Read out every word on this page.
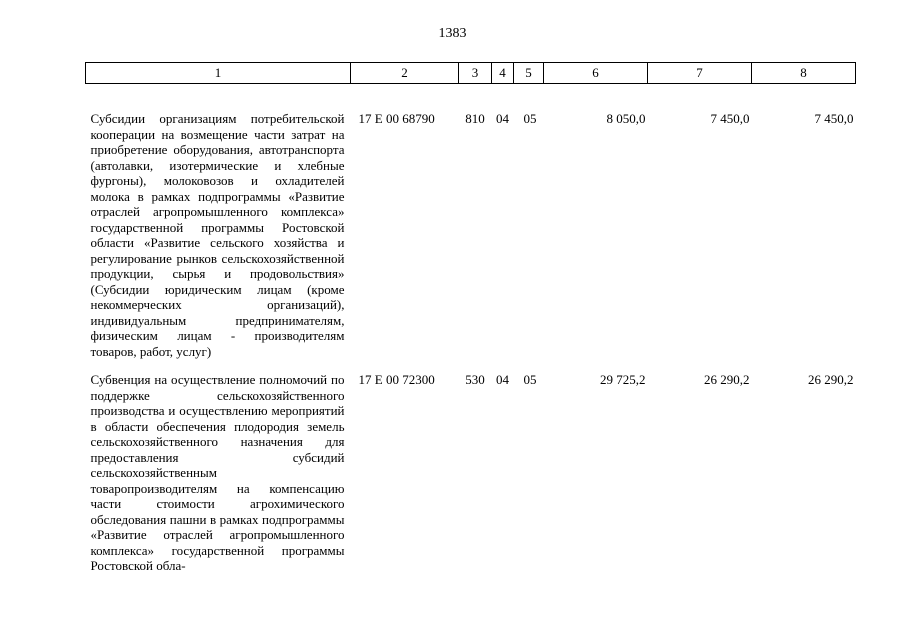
1383
1	2	3	4	5	6	7	8
Субсидии организациям потребительской кооперации на возмещение части затрат на приобретение оборудования, автотранспорта (автолавки, изотермические и хлебные фургоны), молоковозов и охладителей молока в рамках подпрограммы «Развитие отраслей агропромышленного комплекса» государственной программы Ростовской области «Развитие сельского хозяйства и регулирование рынков сельскохозяйственной продукции, сырья и продовольствия» (Субсидии юридическим лицам (кроме некоммерческих организаций), индивидуальным предпринимателям, физическим лицам - производителям товаров, работ, услуг)	17 Е 00 68790	810	04	05	8 050,0	7 450,0	7 450,0
Субвенция на осуществление полномочий по поддержке сельскохозяйственного производства и осуществлению мероприятий в области обеспечения плодородия земель сельскохозяйственного назначения для предоставления субсидий сельскохозяйственным товаропроизводителям на компенсацию части стоимости агрохимического обследования пашни в рамках подпрограммы «Развитие отраслей агропромышленного комплекса» государственной программы Ростовской обла-	17 Е 00 72300	530	04	05	29 725,2	26 290,2	26 290,2
